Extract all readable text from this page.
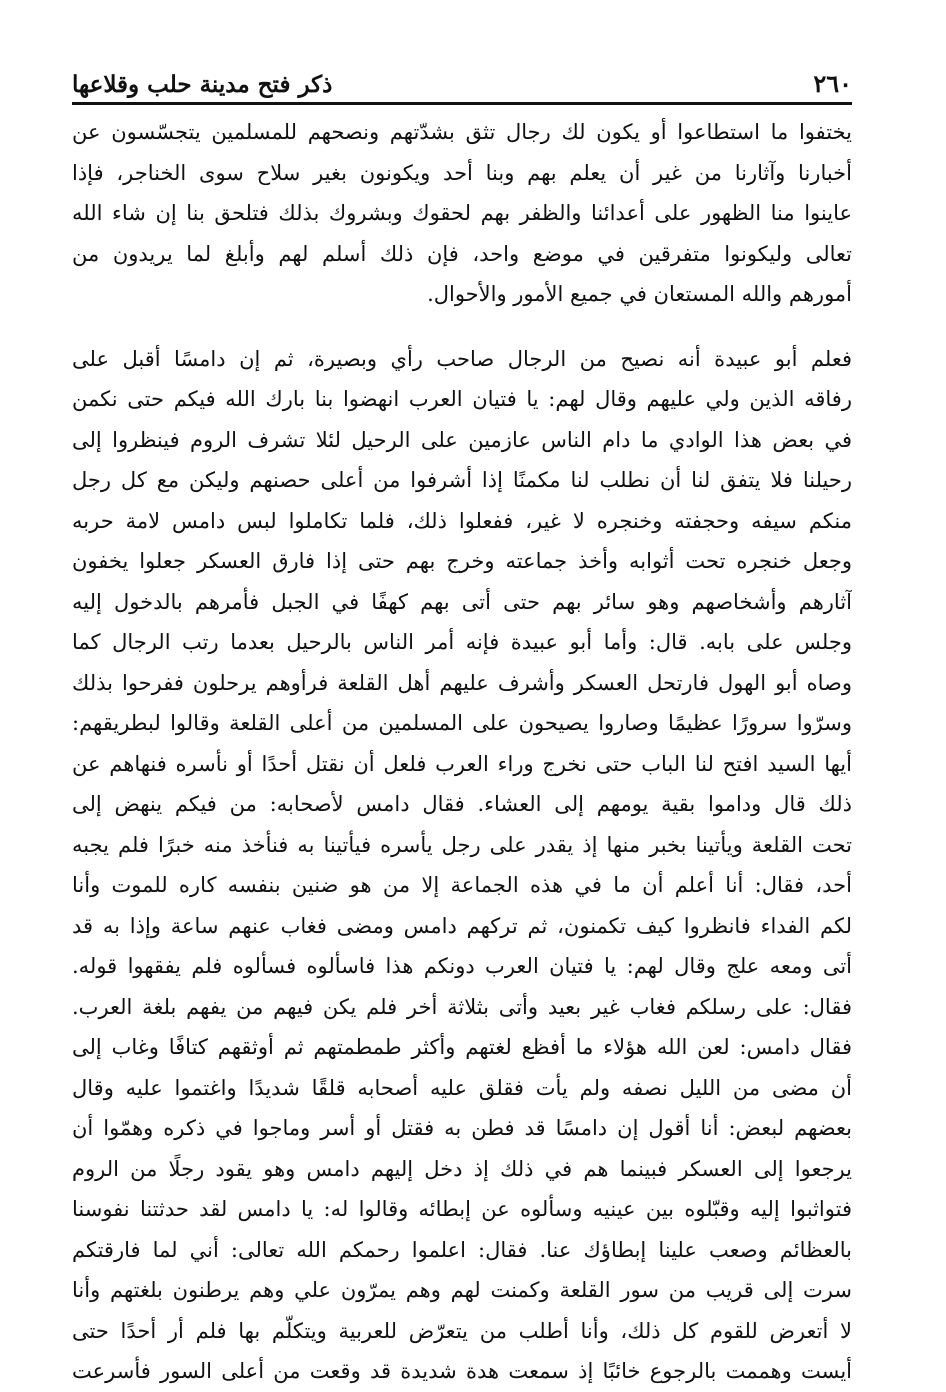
٢٦٠
ذكر فتح مدينة حلب وقلاعها
يختفوا ما استطاعوا أو يكون لك رجال تثق بشدّتهم ونصحهم للمسلمين يتجسّسون عن
أخبارنا وآثارنا من غير أن يعلم بهم وبنا أحد ويكونون بغير سلاح سوى الخناجر، فإذا
عاينوا منا الظهور على أعدائنا والظفر بهم لحقوك وبشروك بذلك فتلحق بنا إن شاء الله
تعالى وليكونوا متفرقين في موضع واحد، فإن ذلك أسلم لهم وأبلغ لما يريدون من
أمورهم والله المستعان في جميع الأمور والأحوال.
فعلم أبو عبيدة أنه نصيح من الرجال صاحب رأي وبصيرة، ثم إن دامسًا أقبل على
رفاقه الذين ولي عليهم وقال لهم: يا فتيان العرب انهضوا بنا بارك الله فيكم حتى نكمن
في بعض هذا الوادي ما دام الناس عازمين على الرحيل لئلا تشرف الروم فينظروا إلى
رحيلنا فلا يتفق لنا أن نطلب لنا مكمنًا إذا أشرفوا من أعلى حصنهم وليكن مع كل رجل
منكم سيفه وحجفته وخنجره لا غير، ففعلوا ذلك، فلما تكاملوا لبس دامس لامة حربه
وجعل خنجره تحت أثوابه وأخذ جماعته وخرج بهم حتى إذا فارق العسكر جعلوا يخفون
آثارهم وأشخاصهم وهو سائر بهم حتى أتى بهم كهفًا في الجبل فأمرهم بالدخول إليه
وجلس على بابه. قال: وأما أبو عبيدة فإنه أمر الناس بالرحيل بعدما رتب الرجال كما
وصاه أبو الهول فارتحل العسكر وأشرف عليهم أهل القلعة فرأوهم يرحلون ففرحوا بذلك
وسرّوا سرورًا عظيمًا وصاروا يصيحون على المسلمين من أعلى القلعة وقالوا لبطريقهم:
أيها السيد افتح لنا الباب حتى نخرج وراء العرب فلعل أن نقتل أحدًا أو نأسره فنهاهم عن
ذلك قال وداموا بقية يومهم إلى العشاء. فقال دامس لأصحابه: من فيكم ينهض إلى
تحت القلعة ويأتينا بخبر منها إذ يقدر على رجل يأسره فيأتينا به فنأخذ منه خبرًا فلم يجبه
أحد، فقال: أنا أعلم أن ما في هذه الجماعة إلا من هو ضنين بنفسه كاره للموت وأنا
لكم الفداء فانظروا كيف تكمنون، ثم تركهم دامس ومضى فغاب عنهم ساعة وإذا به قد
أتى ومعه علج وقال لهم: يا فتيان العرب دونكم هذا فاسألوه فسألوه فلم يفقهوا قوله.
فقال: على رسلكم فغاب غير بعيد وأتى بثلاثة أخر فلم يكن فيهم من يفهم بلغة العرب.
فقال دامس: لعن الله هؤلاء ما أفظع لغتهم وأكثر طمطمتهم ثم أوثقهم كتافًا وغاب إلى
أن مضى من الليل نصفه ولم يأت فقلق عليه أصحابه قلقًا شديدًا واغتموا عليه وقال
بعضهم لبعض: أنا أقول إن دامسًا قد فطن به فقتل أو أسر وماجوا في ذكره وهمّوا أن
يرجعوا إلى العسكر فبينما هم في ذلك إذ دخل إليهم دامس وهو يقود رجلًا من الروم
فتواثبوا إليه وقبّلوه بين عينيه وسألوه عن إبطائه وقالوا له: يا دامس لقد حدثتنا نفوسنا
بالعظائم وصعب علينا إبطاؤك عنا. فقال: اعلموا رحمكم الله تعالى: أني لما فارقتكم
سرت إلى قريب من سور القلعة وكمنت لهم وهم يمرّون علي وهم يرطنون بلغتهم وأنا
لا أتعرض للقوم كل ذلك، وأنا أطلب من يتعرّض للعربية ويتكلّم بها فلم أر أحدًا حتى
أيست وهممت بالرجوع خائبًا إذ سمعت هدة شديدة قد وقعت من أعلى السور فأسرعت
